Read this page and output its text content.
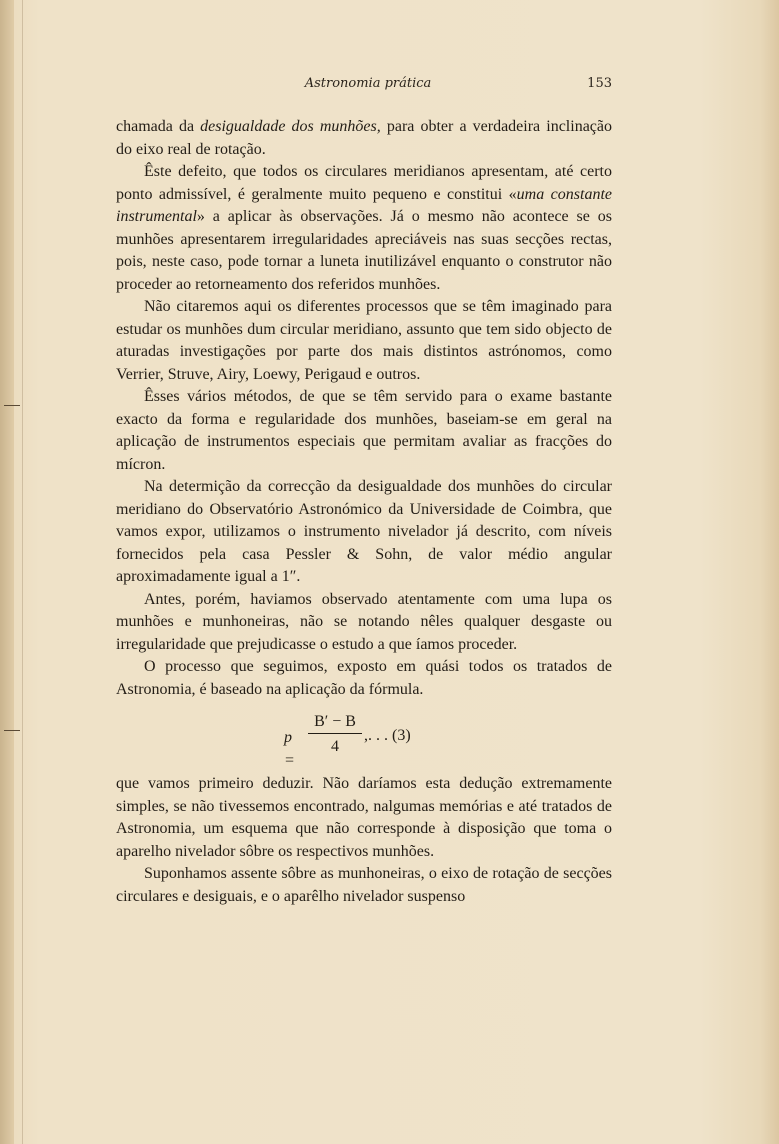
Astronomia prática	153

chamada da desigualdade dos munhões, para obter a verdadeira inclinação do eixo real de rotação.

Êste defeito, que todos os circulares meridianos apresentam, até certo ponto admissível, é geralmente muito pequeno e constitui «uma constante instrumental» a aplicar às observações. Já o mesmo não acontece se os munhões apresentarem irregularidades apreciáveis nas suas secções rectas, pois, neste caso, pode tornar a luneta inutilizável enquanto o construtor não proceder ao retorneamento dos referidos munhões.

Não citaremos aqui os diferentes processos que se têm imaginado para estudar os munhões dum circular meridiano, assunto que tem sido objecto de aturadas investigações por parte dos mais distintos astrónomos, como Verrier, Struve, Airy, Loewy, Perigaud e outros.

Êsses vários métodos, de que se têm servido para o exame bastante exacto da forma e regularidade dos munhões, baseiam-se em geral na aplicação de instrumentos especiais que permitam avaliar as fracções do mícron.

Na determição da correcção da desigualdade dos munhões do circular meridiano do Observatório Astronómico da Universidade de Coimbra, que vamos expor, utilizamos o instrumento nivelador já descrito, com níveis fornecidos pela casa Pessler & Sohn, de valor médio angular aproximadamente igual a 1″.

Antes, porém, haviamos observado atentamente com uma lupa os munhões e munhoneiras, não se notando nêles qualquer desgaste ou irregularidade que prejudicasse o estudo a que íamos proceder.

O processo que seguimos, exposto em quási todos os tratados de Astronomia, é baseado na aplicação da fórmula.

p =
B′ − B
4
,. . . (3)

que vamos primeiro deduzir. Não daríamos esta dedução extremamente simples, se não tivessemos encontrado, nalgumas memórias e até tratados de Astronomia, um esquema que não corresponde à disposição que toma o aparelho nivelador sôbre os respectivos munhões.

Suponhamos assente sôbre as munhoneiras, o eixo de rotação de secções circulares e desiguais, e o aparêlho nivelador suspenso
